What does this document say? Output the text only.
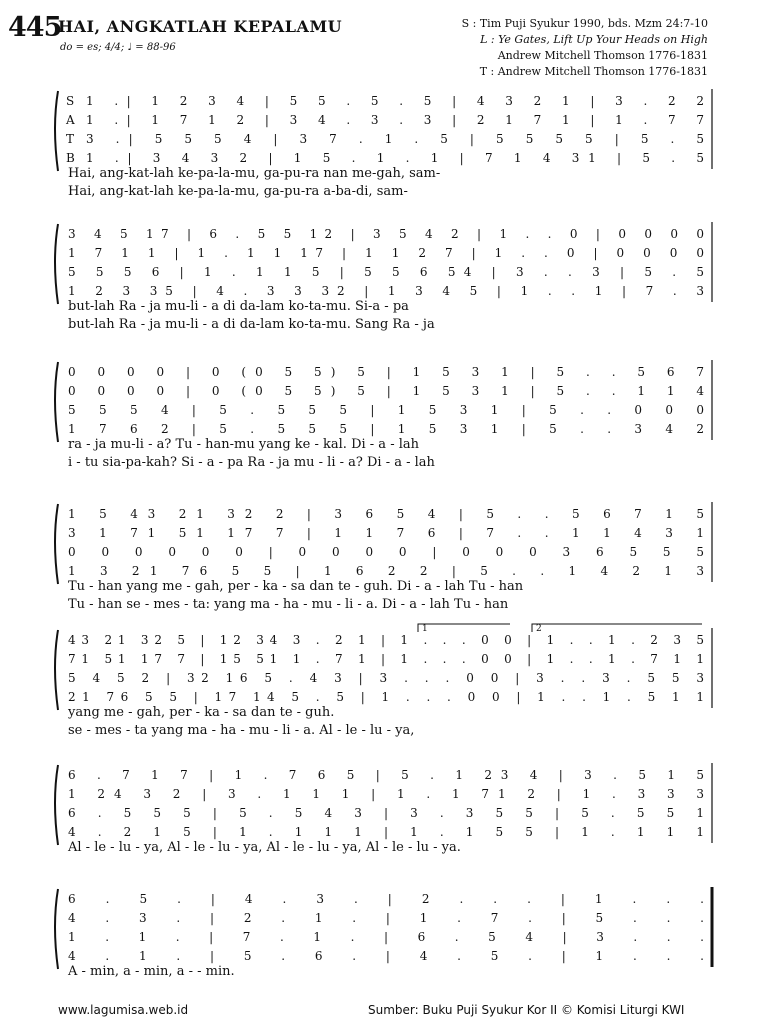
445
HAI, ANGKATLAH KEPALAMU
do = es; 4/4; ♩ = 88-96
S : Tim Puji Syukur 1990, bds. Mzm 24:7-10
L : Ye Gates, Lift Up Your Heads on High
Andrew Mitchell Thomson 1776-1831
T : Andrew Mitchell Thomson 1776-1831
S 1 .| 1 2 3 4 | 5 5 . 5 . 5 | 4 3 2 1 | 3 . 2 2
A 1 .| 1 7 1 2 | 3 4 . 3 . 3 | 2 1 7 1 | 1 . 7 7
T 3 .| 5 5 5 4 | 3 7 . 1 . 5 | 5 5 5 5 | 5 . 5
B 1 .| 3 4 3 2 | 1 5 . 1 . 1 | 7 1 4 31 | 5 . 5
Hai, ang-kat-lah ke-pa-la-mu, ga-pu-ra nan me-gah, sam-
Hai, ang-kat-lah ke-pa-la-mu, ga-pu-ra a-ba-di, sam-
3 4 5 17 | 6 . 5 5 12 | 3 5 4 2 | 1 . . 0 | 0 0 0 0
1 7 1 1 | 1 . 1 1 17 | 1 1 2 7 | 1 . . 0 | 0 0 0 0
5 5 5 6 | 1 . 1 1 5 | 5 5 6 54 | 3 . . 3 | 5 . 5
1 2 3 35 | 4 . 3 3 32 | 1 3 4 5 | 1 . . 1 | 7 . 3
but-lah Ra - ja mu-li - a di da-lam ko-ta-mu. Si-a - pa
but-lah Ra - ja mu-li - a di da-lam ko-ta-mu. Sang Ra - ja
0 0 0 0 | 0 (0 5 5) 5 | 1 5 3 1 | 5 . . 5 6 7
0 0 0 0 | 0 (0 5 5) 5 | 1 5 3 1 | 5 . . 1 1 4
5 5 5 4 | 5 . 5 5 5 | 1 5 3 1 | 5 . . 0 0 0
1 7 6 2 | 5 . 5 5 5 | 1 5 3 1 | 5 . . 3 4 2
ra - ja mu-li - a? Tu - han-mu yang ke - kal. Di - a - lah
i - tu sia-pa-kah? Si - a - pa Ra - ja mu - li - a? Di - a - lah
1 5 43 21 32 2 | 3 6 5 4 | 5 . . 5 6 7 1 5
3 1 71 51 17 7 | 1 1 7 6 | 7 . . 1 1 4 3 1
0 0 0 0 0 0 | 0 0 0 0 | 0 0 0 3 6 5 5 5
1 3 21 76 5 5 | 1 6 2 2 | 5 . . 1 4 2 1 3
Tu - han yang me - gah, per - ka - sa dan te - guh. Di - a - lah Tu - han
Tu - han se - mes - ta: yang ma - ha - mu - li - a. Di - a - lah Tu - han
43 21 32 5 | 12 34 3 . 2 1 | 1 . . . 0 0 | 1 . . 1 . 2 3 5
71 51 17 7 | 15 51 1 . 7 1 | 1 . . . 0 0 | 1 . . 1 . 7 1 1
5 4 5 2 | 32 16 5 . 4 3 | 3 . . . 0 0 | 3 . . 3 . 5 5 3
21 76 5 5 | 17 14 5 . 5 | 1 . . . 0 0 | 1 . . 1 . 5 1 1
yang me - gah, per - ka - sa dan te - guh.
se - mes - ta yang ma - ha - mu - li - a. Al - le - lu - ya,
1	2
6 . 7 1 7 | 1 . 7 6 5 | 5 . 1 23 4 | 3 . 5 1 5
1 24 3 2 | 3 . 1 1 1 | 1 . 1 71 2 | 1 . 3 3 3
6 . 5 5 5 | 5 . 5 4 3 | 3 . 3 5 5 | 5 . 5 5 1
4 . 2 1 5 | 1 . 1 1 1 | 1 . 1 5 5 | 1 . 1 1 1
Al - le - lu - ya, Al - le - lu - ya, Al - le - lu - ya, Al - le - lu - ya.
6 . 5 . | 4 . 3 . | 2 . . . | 1 . . .
4 . 3 . | 2 . 1 . | 1 . 7 . | 5 . . .
1 . 1 . | 7 . 1 . | 6 . 5 4 | 3 . . .
4 . 1 . | 5 . 6 . | 4 . 5 . | 1 . . .
A - min, a - min, a - - min.
www.lagumisa.web.id	Sumber: Buku Puji Syukur Kor II © Komisi Liturgi KWI
